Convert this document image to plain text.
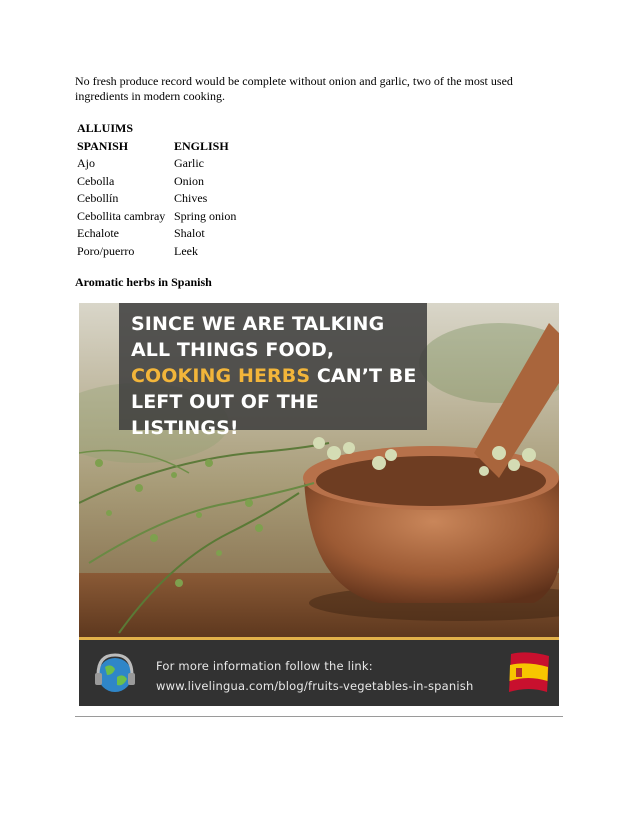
No fresh produce record would be complete without onion and garlic, two of the most used ingredients in modern cooking.

ALLUIMS	
SPANISH	ENGLISH
Ajo	Garlic
Cebolla	Onion
Cebollín	Chives
Cebollita cambray	Spring onion
Echalote	Shalot
Poro/puerro	Leek
Aromatic herbs in Spanish
SINCE WE ARE TALKING
ALL THINGS FOOD,
COOKING HERBS CAN’T BE
LEFT OUT OF THE LISTINGS!
For more information follow the link:
www.livelingua.com/blog/fruits-vegetables-in-spanish
